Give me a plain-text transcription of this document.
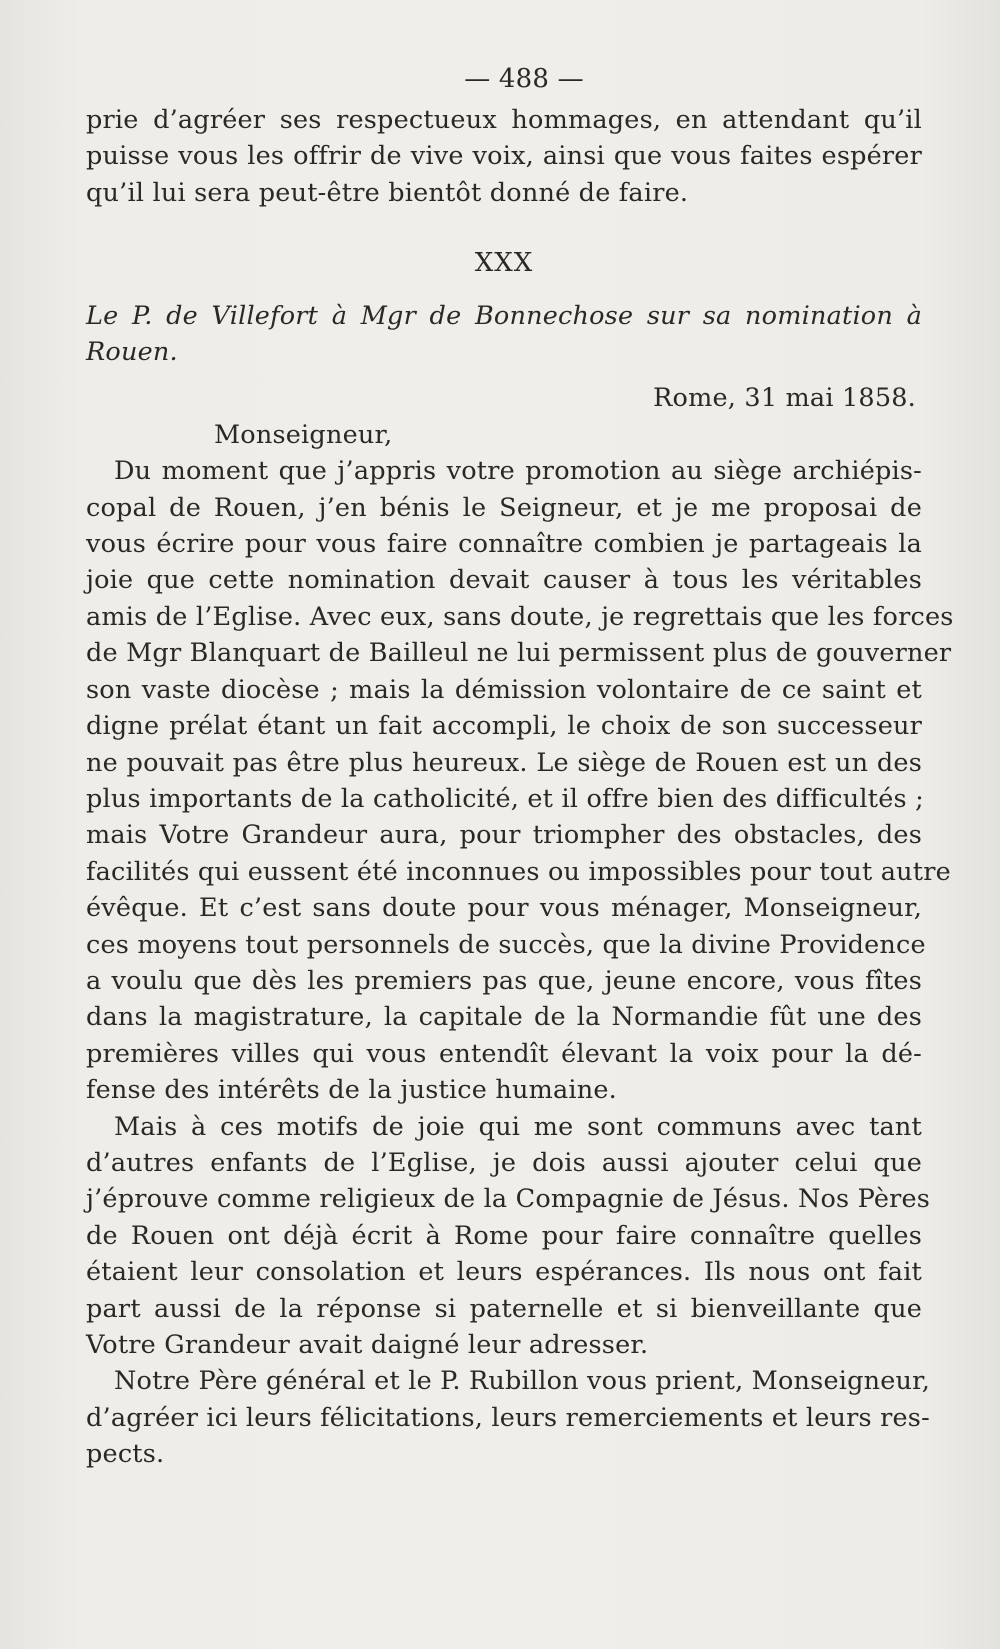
— 488 —
prie d’agréer ses respectueux hommages, en attendant qu’il
puisse vous les offrir de vive voix, ainsi que vous faites espérer
qu’il lui sera peut-être bientôt donné de faire.
XXX
Le P. de Villefort à Mgr de Bonnechose sur sa nomination à Rouen.
Rome, 31 mai 1858.
Monseigneur,
Du moment que j’appris votre promotion au siège archiépis-
copal de Rouen, j’en bénis le Seigneur, et je me proposai de
vous écrire pour vous faire connaître combien je partageais la
joie que cette nomination devait causer à tous les véritables
amis de l’Eglise. Avec eux, sans doute, je regrettais que les forces
de Mgr Blanquart de Bailleul ne lui permissent plus de gouverner
son vaste diocèse ; mais la démission volontaire de ce saint et
digne prélat étant un fait accompli, le choix de son successeur
ne pouvait pas être plus heureux. Le siège de Rouen est un des
plus importants de la catholicité, et il offre bien des difficultés ;
mais Votre Grandeur aura, pour triompher des obstacles, des
facilités qui eussent été inconnues ou impossibles pour tout autre
évêque. Et c’est sans doute pour vous ménager, Monseigneur,
ces moyens tout personnels de succès, que la divine Providence
a voulu que dès les premiers pas que, jeune encore, vous fîtes
dans la magistrature, la capitale de la Normandie fût une des
premières villes qui vous entendît élevant la voix pour la dé-
fense des intérêts de la justice humaine.
Mais à ces motifs de joie qui me sont communs avec tant
d’autres enfants de l’Eglise, je dois aussi ajouter celui que
j’éprouve comme religieux de la Compagnie de Jésus. Nos Pères
de Rouen ont déjà écrit à Rome pour faire connaître quelles
étaient leur consolation et leurs espérances. Ils nous ont fait
part aussi de la réponse si paternelle et si bienveillante que
Votre Grandeur avait daigné leur adresser.
Notre Père général et le P. Rubillon vous prient, Monseigneur,
d’agréer ici leurs félicitations, leurs remerciements et leurs res-
pects.
